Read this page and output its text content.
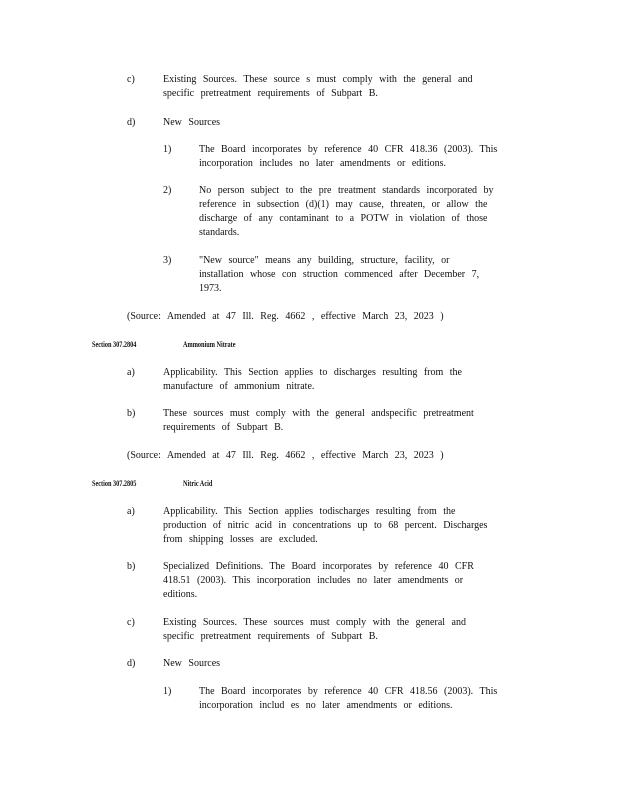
c)	Existing Sources. These source s must comply with the general and
specific pretreatment requirements of Subpart B.
d)	New Sources
1)	The Board incorporates by reference 40 CFR 418.36 (2003). This
incorporation includes no later amendments or editions.
2)	No person subject to the pre treatment standards incorporated by
reference in subsection (d)(1) may cause, threaten, or allow the
discharge of any contaminant to a POTW in violation of those
standards.
3)	"New source" means any building, structure, facility, or
installation whose con struction commenced after December 7,
1973.
(Source: Amended at 47 Ill. Reg. 4662 , effective March 23, 2023 )
Section 307.2804	Ammonium Nitrate
a)	Applicability. This Section applies to discharges resulting from the
manufacture of ammonium nitrate.
b)	These sources must comply with the general andspecific pretreatment
requirements of Subpart B.
(Source: Amended at 47 Ill. Reg. 4662 , effective March 23, 2023 )
Section 307.2805	Nitric Acid
a)	Applicability. This Section applies todischarges resulting from the
production of nitric acid in concentrations up to 68 percent. Discharges
from shipping losses are excluded.
b)	Specialized Definitions. The Board incorporates by reference 40 CFR
418.51 (2003). This incorporation includes no later amendments or
editions.
c)	Existing Sources. These sources must comply with the general and
specific pretreatment requirements of Subpart B.
d)	New Sources
1)	The Board incorporates by reference 40 CFR 418.56 (2003). This
incorporation includ es no later amendments or editions.
